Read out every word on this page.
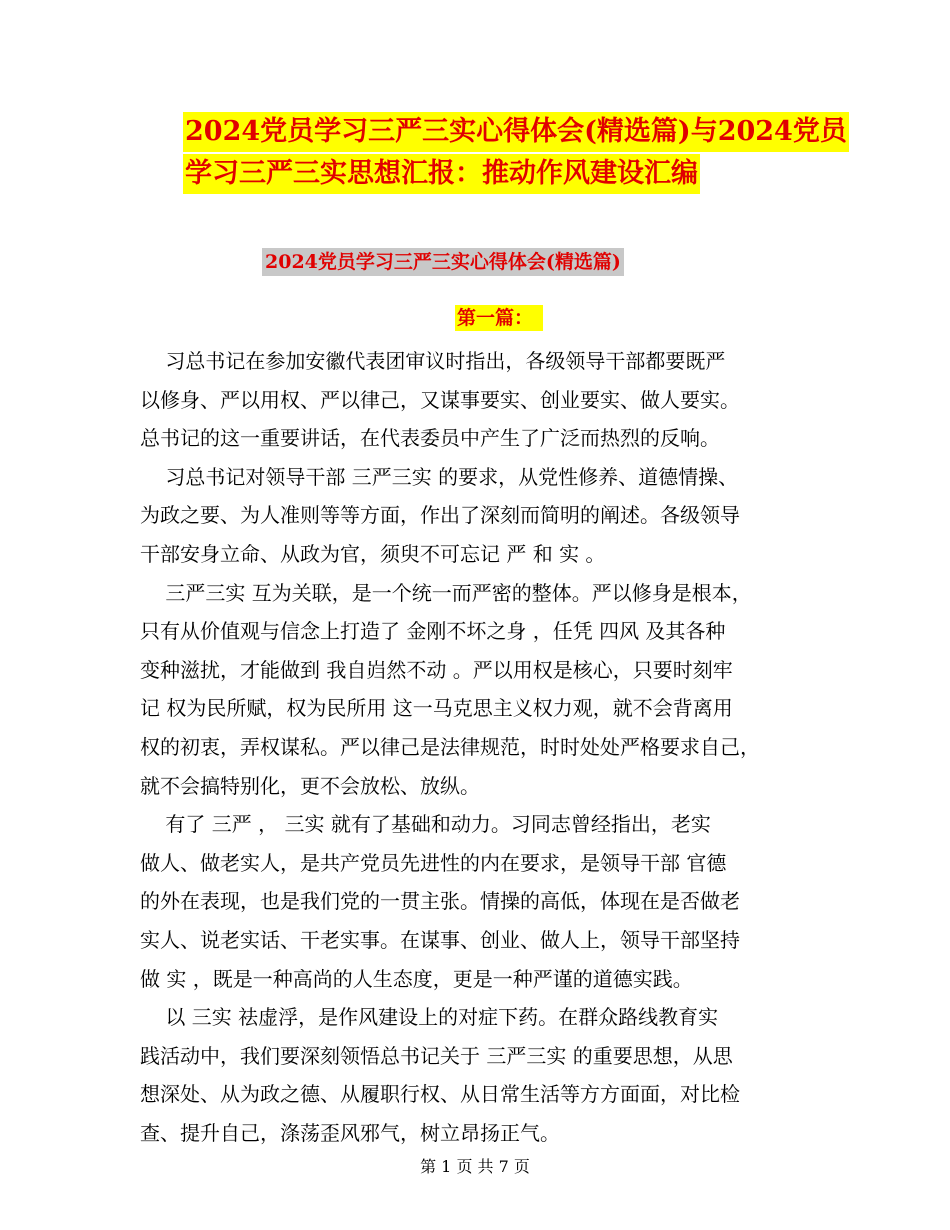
2024党员学习三严三实心得体会(精选篇)与2024党员
学习三严三实思想汇报：推动作风建设汇编
2024党员学习三严三实心得体会(精选篇)
第一篇：
习总书记在参加安徽代表团审议时指出，各级领导干部都要既严
以修身、严以用权、严以律己，又谋事要实、创业要实、做人要实。
总书记的这一重要讲话，在代表委员中产生了广泛而热烈的反响。
习总书记对领导干部 三严三实 的要求，从党性修养、道德情操、
为政之要、为人准则等等方面，作出了深刻而简明的阐述。各级领导
干部安身立命、从政为官，须臾不可忘记 严 和 实 。
三严三实 互为关联，是一个统一而严密的整体。严以修身是根本，
只有从价值观与信念上打造了 金刚不坏之身 ，任凭 四风 及其各种
变种滋扰，才能做到 我自岿然不动 。严以用权是核心，只要时刻牢
记 权为民所赋，权为民所用 这一马克思主义权力观，就不会背离用
权的初衷，弄权谋私。严以律己是法律规范，时时处处严格要求自己，
就不会搞特别化，更不会放松、放纵。
有了 三严 ， 三实 就有了基础和动力。习同志曾经指出，老实
做人、做老实人，是共产党员先进性的内在要求，是领导干部 官德
的外在表现，也是我们党的一贯主张。情操的高低，体现在是否做老
实人、说老实话、干老实事。在谋事、创业、做人上，领导干部坚持
做 实 ，既是一种高尚的人生态度，更是一种严谨的道德实践。
以 三实 祛虚浮，是作风建设上的对症下药。在群众路线教育实
践活动中，我们要深刻领悟总书记关于 三严三实 的重要思想，从思
想深处、从为政之德、从履职行权、从日常生活等方方面面，对比检
查、提升自己，涤荡歪风邪气，树立昂扬正气。
第 1 页 共 7 页
